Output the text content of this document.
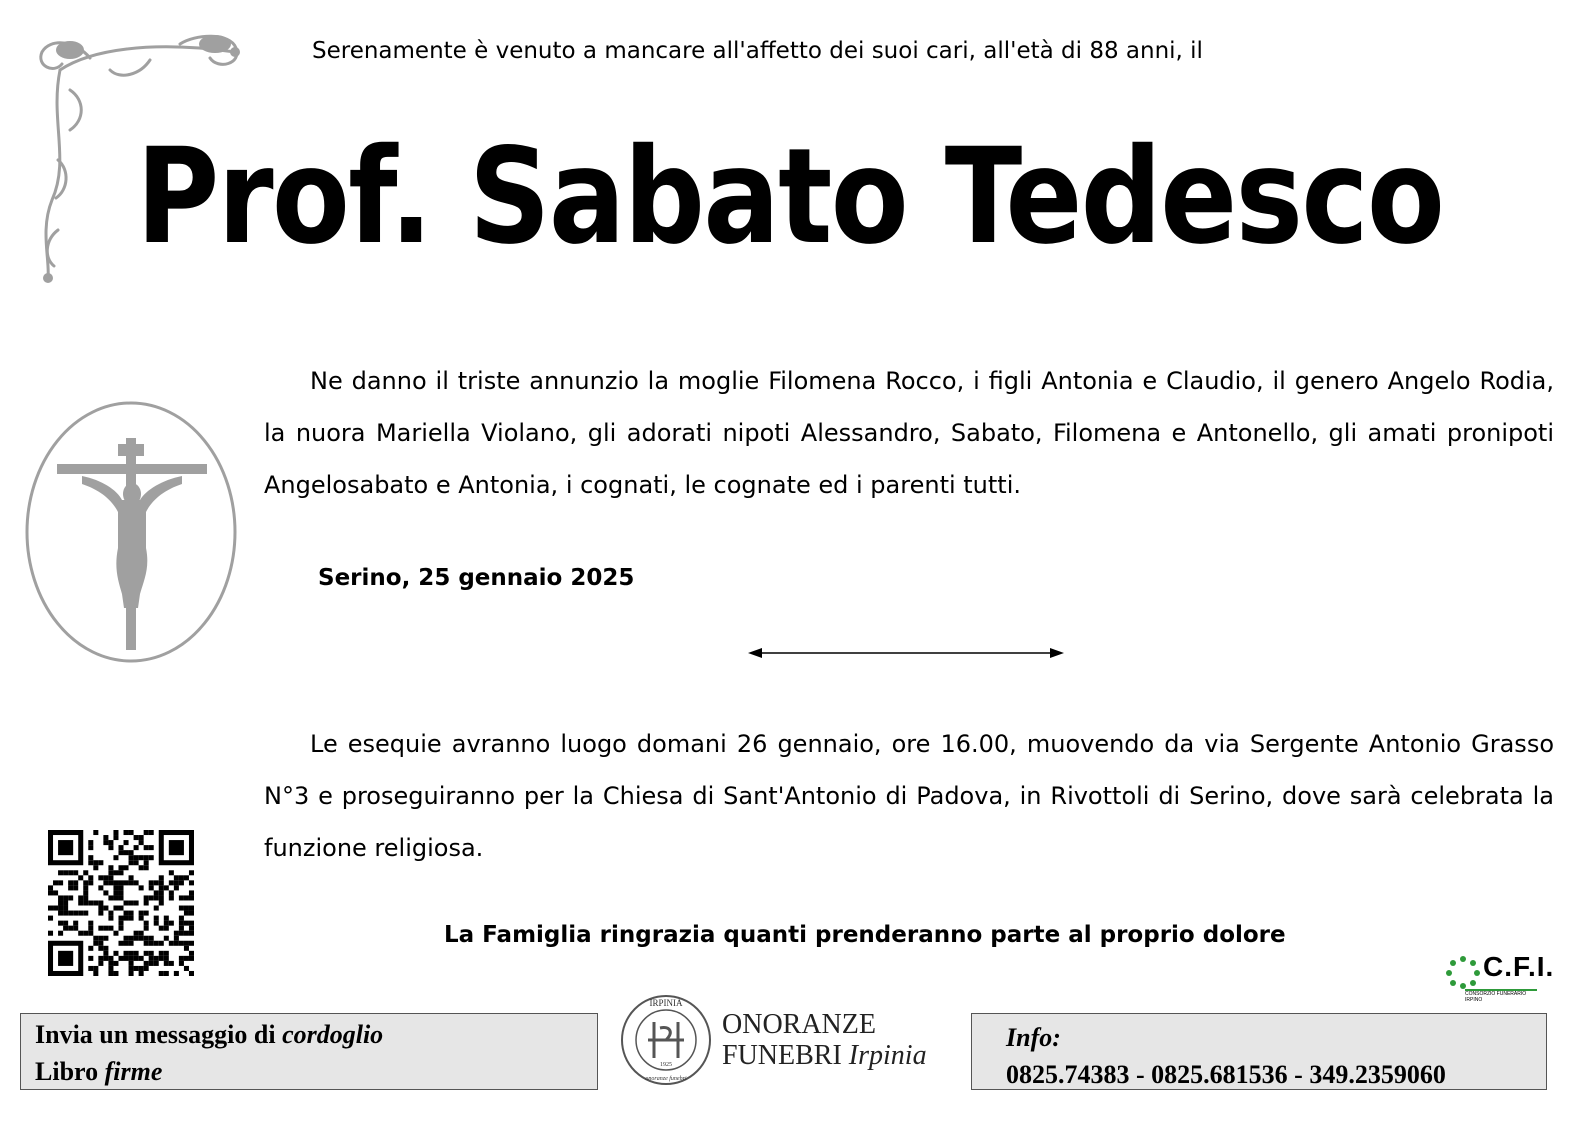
Serenamente è venuto a mancare all'affetto dei suoi cari, all'età di 88 anni, il
Prof. Sabato Tedesco

Ne danno il triste annunzio la moglie Filomena Rocco, i figli Antonia e Claudio, il genero Angelo Rodia, la nuora Mariella Violano, gli adorati nipoti Alessandro, Sabato, Filomena e Antonello, gli amati pronipoti Angelosabato e Antonia, i cognati, le cognate ed i parenti tutti.

Serino, 25 gennaio 2025

Le esequie avranno luogo domani 26 gennaio, ore 16.00, muovendo da via Sergente Antonio Grasso N°3 e proseguiranno per la Chiesa di Sant'Antonio di Padova, in Rivottoli di Serino, dove sarà celebrata la funzione religiosa.

La Famiglia ringrazia quanti prenderanno parte al proprio dolore
C.F.I.
CONSORZIO FUNERARIO IRPINO
Invia un messaggio di cordoglio
Libro firme
IRPINIA
1925
onoranze funebri
ONORANZE
FUNEBRI Irpinia
Info:
0825.74383 - 0825.681536 - 349.2359060
